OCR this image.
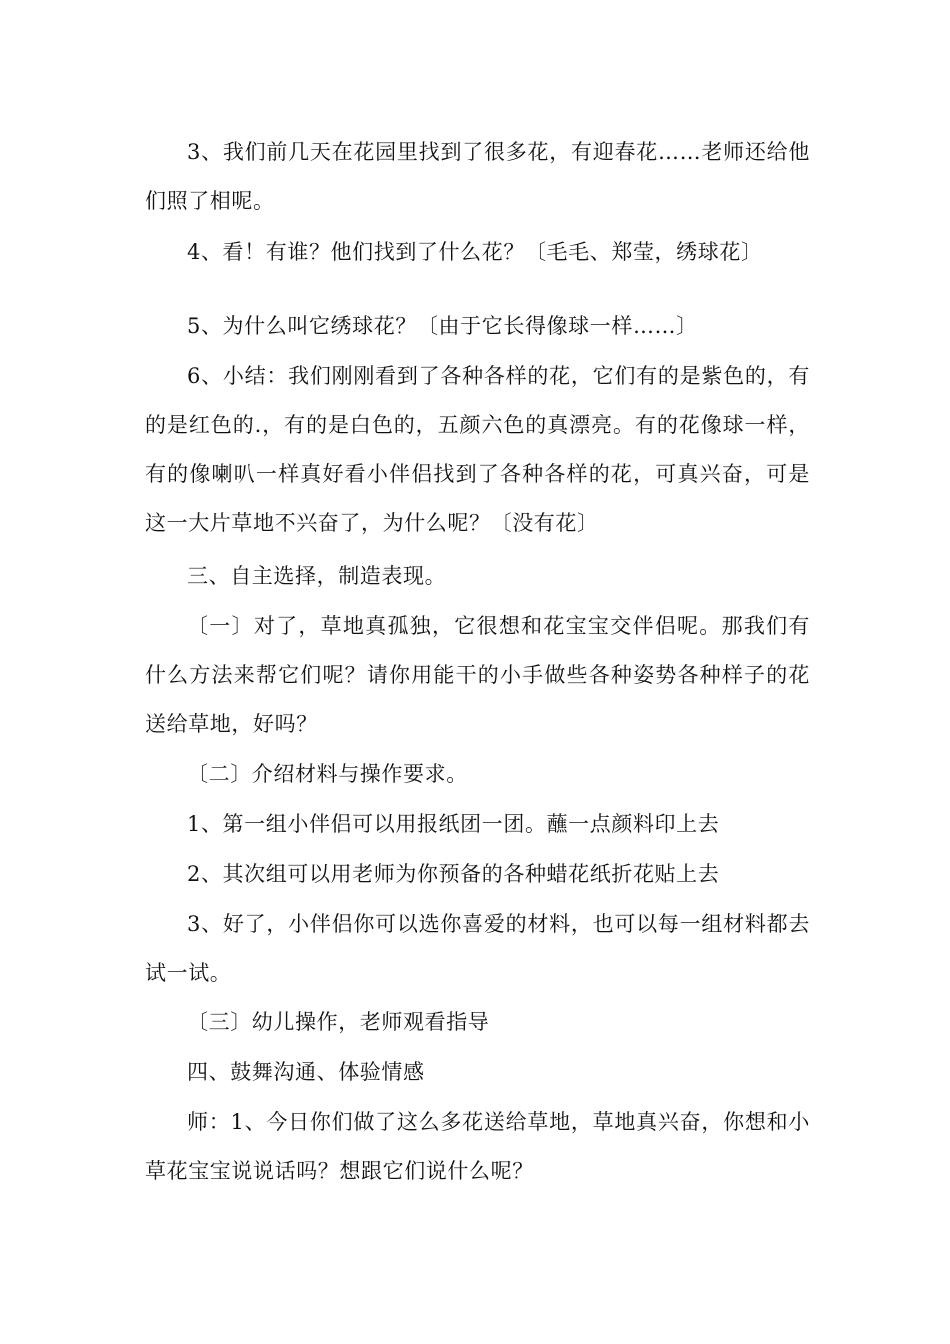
3、我们前几天在花园里找到了很多花，有迎春花……老师还给他们照了相呢。

4、看！有谁？他们找到了什么花？〔毛毛、郑莹，绣球花〕

5、为什么叫它绣球花？〔由于它长得像球一样……〕

6、小结：我们刚刚看到了各种各样的花，它们有的是紫色的，有的是红色的.，有的是白色的，五颜六色的真漂亮。有的花像球一样，有的像喇叭一样真好看小伴侣找到了各种各样的花，可真兴奋，可是这一大片草地不兴奋了，为什么呢？〔没有花〕

三、自主选择，制造表现。

〔一〕对了，草地真孤独，它很想和花宝宝交伴侣呢。那我们有什么方法来帮它们呢？请你用能干的小手做些各种姿势各种样子的花送给草地，好吗？

〔二〕介绍材料与操作要求。

1、第一组小伴侣可以用报纸团一团。蘸一点颜料印上去

2、其次组可以用老师为你预备的各种蜡花纸折花贴上去

3、好了，小伴侣你可以选你喜爱的材料，也可以每一组材料都去试一试。

〔三〕幼儿操作，老师观看指导

四、鼓舞沟通、体验情感

师：1、今日你们做了这么多花送给草地，草地真兴奋，你想和小草花宝宝说说话吗？想跟它们说什么呢？
